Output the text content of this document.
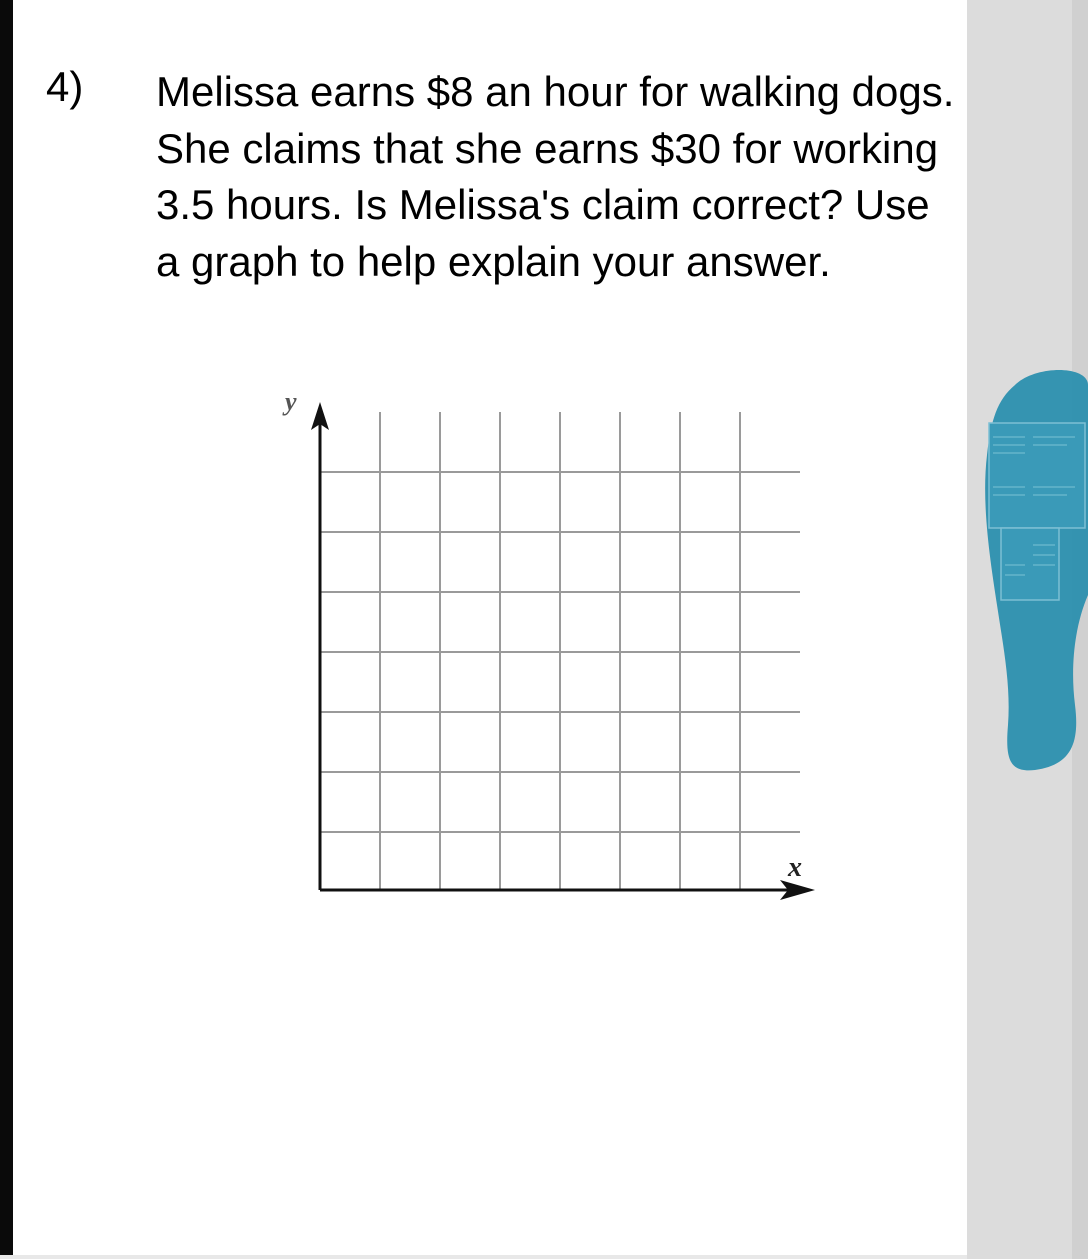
4) Melissa earns $8 an hour for walking dogs.
She claims that she earns $30 for working
3.5 hours. Is Melissa's claim correct? Use
a graph to help explain your answer.
y
x
